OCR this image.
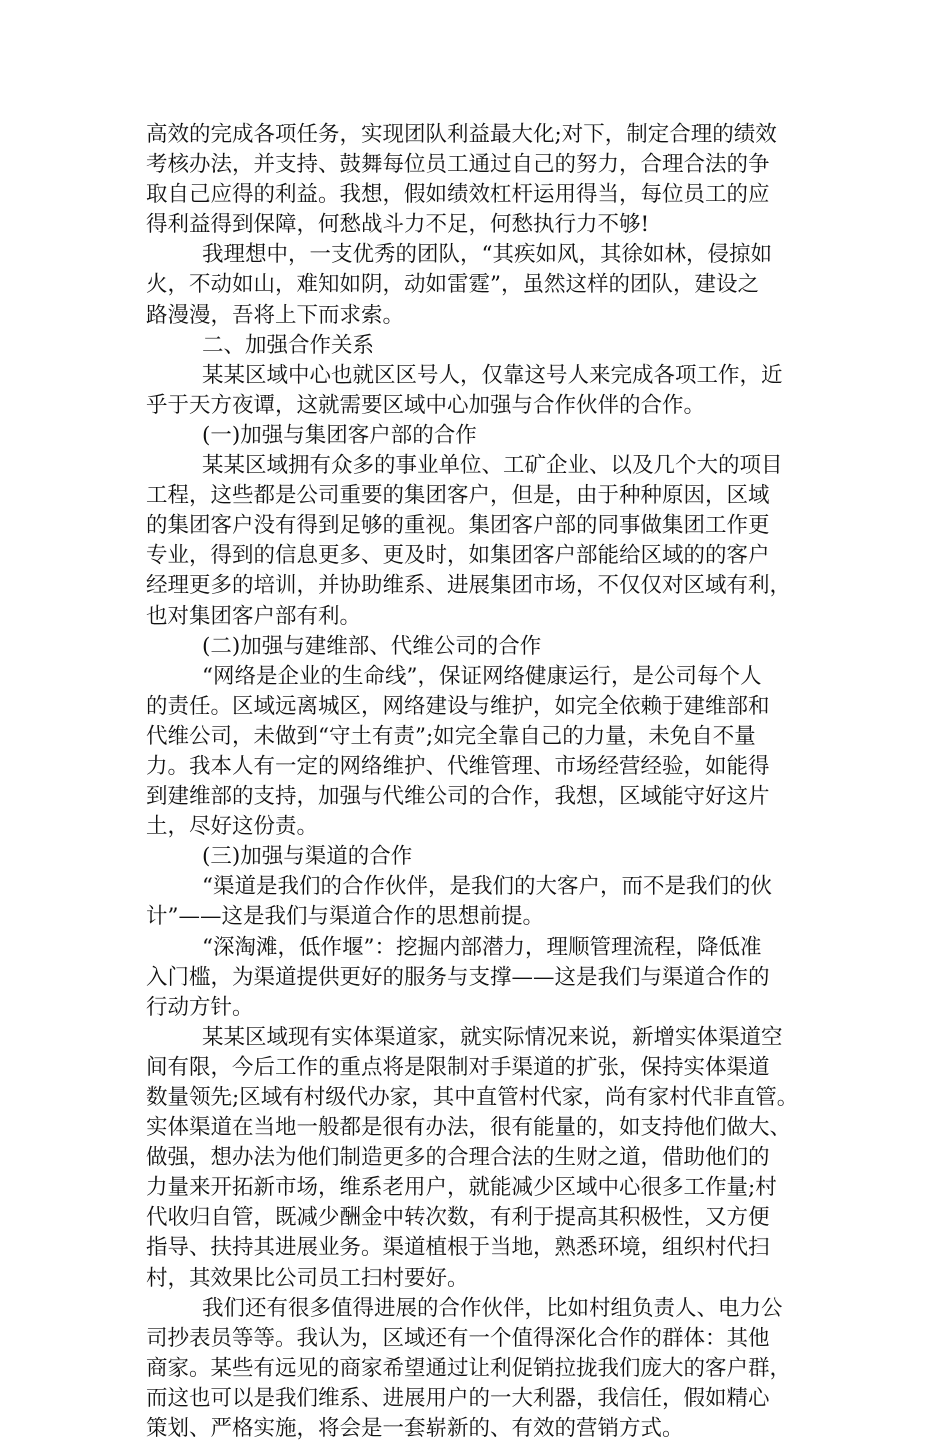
高效的完成各项任务，实现团队利益最大化;对下，制定合理的绩效
考核办法，并支持、鼓舞每位员工通过自己的努力，合理合法的争
取自己应得的利益。我想，假如绩效杠杆运用得当，每位员工的应
得利益得到保障，何愁战斗力不足，何愁执行力不够!
我理想中，一支优秀的团队，“其疾如风，其徐如林，侵掠如
火，不动如山，难知如阴，动如雷霆”，虽然这样的团队，建设之
路漫漫，吾将上下而求索。
二、加强合作关系
某某区域中心也就区区号人，仅靠这号人来完成各项工作，近
乎于天方夜谭，这就需要区域中心加强与合作伙伴的合作。
(一)加强与集团客户部的合作
某某区域拥有众多的事业单位、工矿企业、以及几个大的项目
工程，这些都是公司重要的集团客户，但是，由于种种原因，区域
的集团客户没有得到足够的重视。集团客户部的同事做集团工作更
专业，得到的信息更多、更及时，如集团客户部能给区域的的客户
经理更多的培训，并协助维系、进展集团市场，不仅仅对区域有利，
也对集团客户部有利。
(二)加强与建维部、代维公司的合作
“网络是企业的生命线”，保证网络健康运行，是公司每个人
的责任。区域远离城区，网络建设与维护，如完全依赖于建维部和
代维公司，未做到“守土有责”;如完全靠自己的力量，未免自不量
力。我本人有一定的网络维护、代维管理、市场经营经验，如能得
到建维部的支持，加强与代维公司的合作，我想，区域能守好这片
土，尽好这份责。
(三)加强与渠道的合作
“渠道是我们的合作伙伴，是我们的大客户，而不是我们的伙
计”——这是我们与渠道合作的思想前提。
“深淘滩，低作堰”：挖掘内部潜力，理顺管理流程，降低准
入门槛，为渠道提供更好的服务与支撑——这是我们与渠道合作的
行动方针。
某某区域现有实体渠道家，就实际情况来说，新增实体渠道空
间有限，今后工作的重点将是限制对手渠道的扩张，保持实体渠道
数量领先;区域有村级代办家，其中直管村代家，尚有家村代非直管。
实体渠道在当地一般都是很有办法，很有能量的，如支持他们做大、
做强，想办法为他们制造更多的合理合法的生财之道，借助他们的
力量来开拓新市场，维系老用户，就能减少区域中心很多工作量;村
代收归自管，既减少酬金中转次数，有利于提高其积极性，又方便
指导、扶持其进展业务。渠道植根于当地，熟悉环境，组织村代扫
村，其效果比公司员工扫村要好。
我们还有很多值得进展的合作伙伴，比如村组负责人、电力公
司抄表员等等。我认为，区域还有一个值得深化合作的群体：其他
商家。某些有远见的商家希望通过让利促销拉拢我们庞大的客户群，
而这也可以是我们维系、进展用户的一大利器，我信任，假如精心
策划、严格实施，将会是一套崭新的、有效的营销方式。
